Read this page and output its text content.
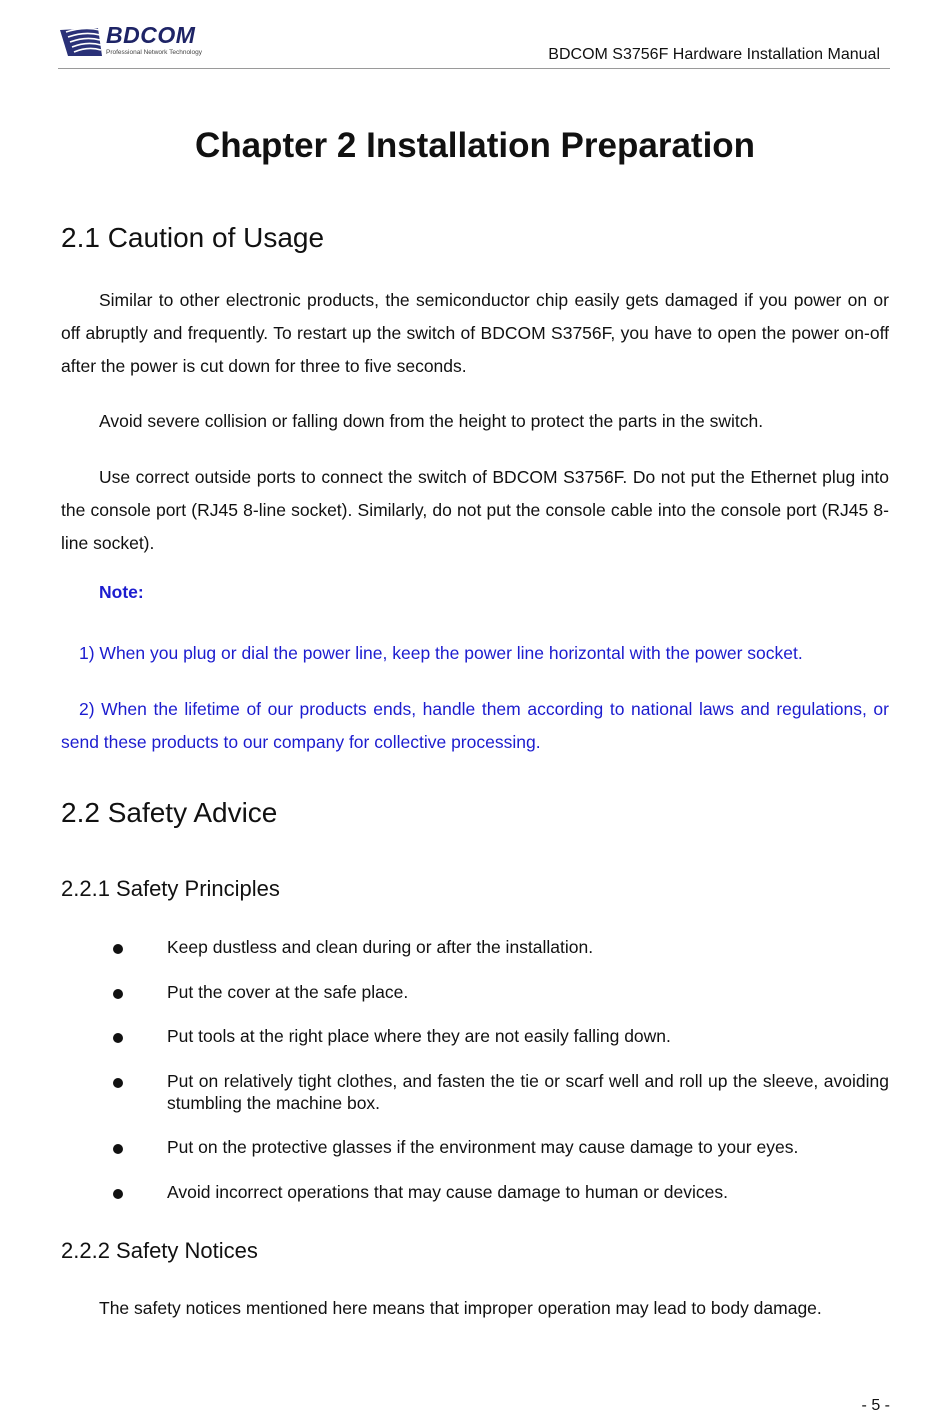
BDCOM
Professional Network Technology	BDCOM S3756F Hardware Installation Manual
Chapter 2 Installation Preparation
2.1 Caution of Usage

Similar to other electronic products, the semiconductor chip easily gets damaged if you power on or off abruptly and frequently. To restart up the switch of BDCOM S3756F, you have to open the power on-off after the power is cut down for three to five seconds.

Avoid severe collision or falling down from the height to protect the parts in the switch.

Use correct outside ports to connect the switch of BDCOM S3756F. Do not put the Ethernet plug into the console port (RJ45 8-line socket). Similarly, do not put the console cable into the console port (RJ45 8-line socket).

Note:

1) When you plug or dial the power line, keep the power line horizontal with the power socket.

2) When the lifetime of our products ends, handle them according to national laws and regulations, or send these products to our company for collective processing.

2.2 Safety Advice
2.2.1 Safety Principles

Keep dustless and clean during or after the installation.

Put the cover at the safe place.

Put tools at the right place where they are not easily falling down.

Put on relatively tight clothes, and fasten the tie or scarf well and roll up the sleeve, avoiding stumbling the machine box.

Put on the protective glasses if the environment may cause damage to your eyes.

Avoid incorrect operations that may cause damage to human or devices.

2.2.2 Safety Notices

The safety notices mentioned here means that improper operation may lead to body damage.

- 5 -
